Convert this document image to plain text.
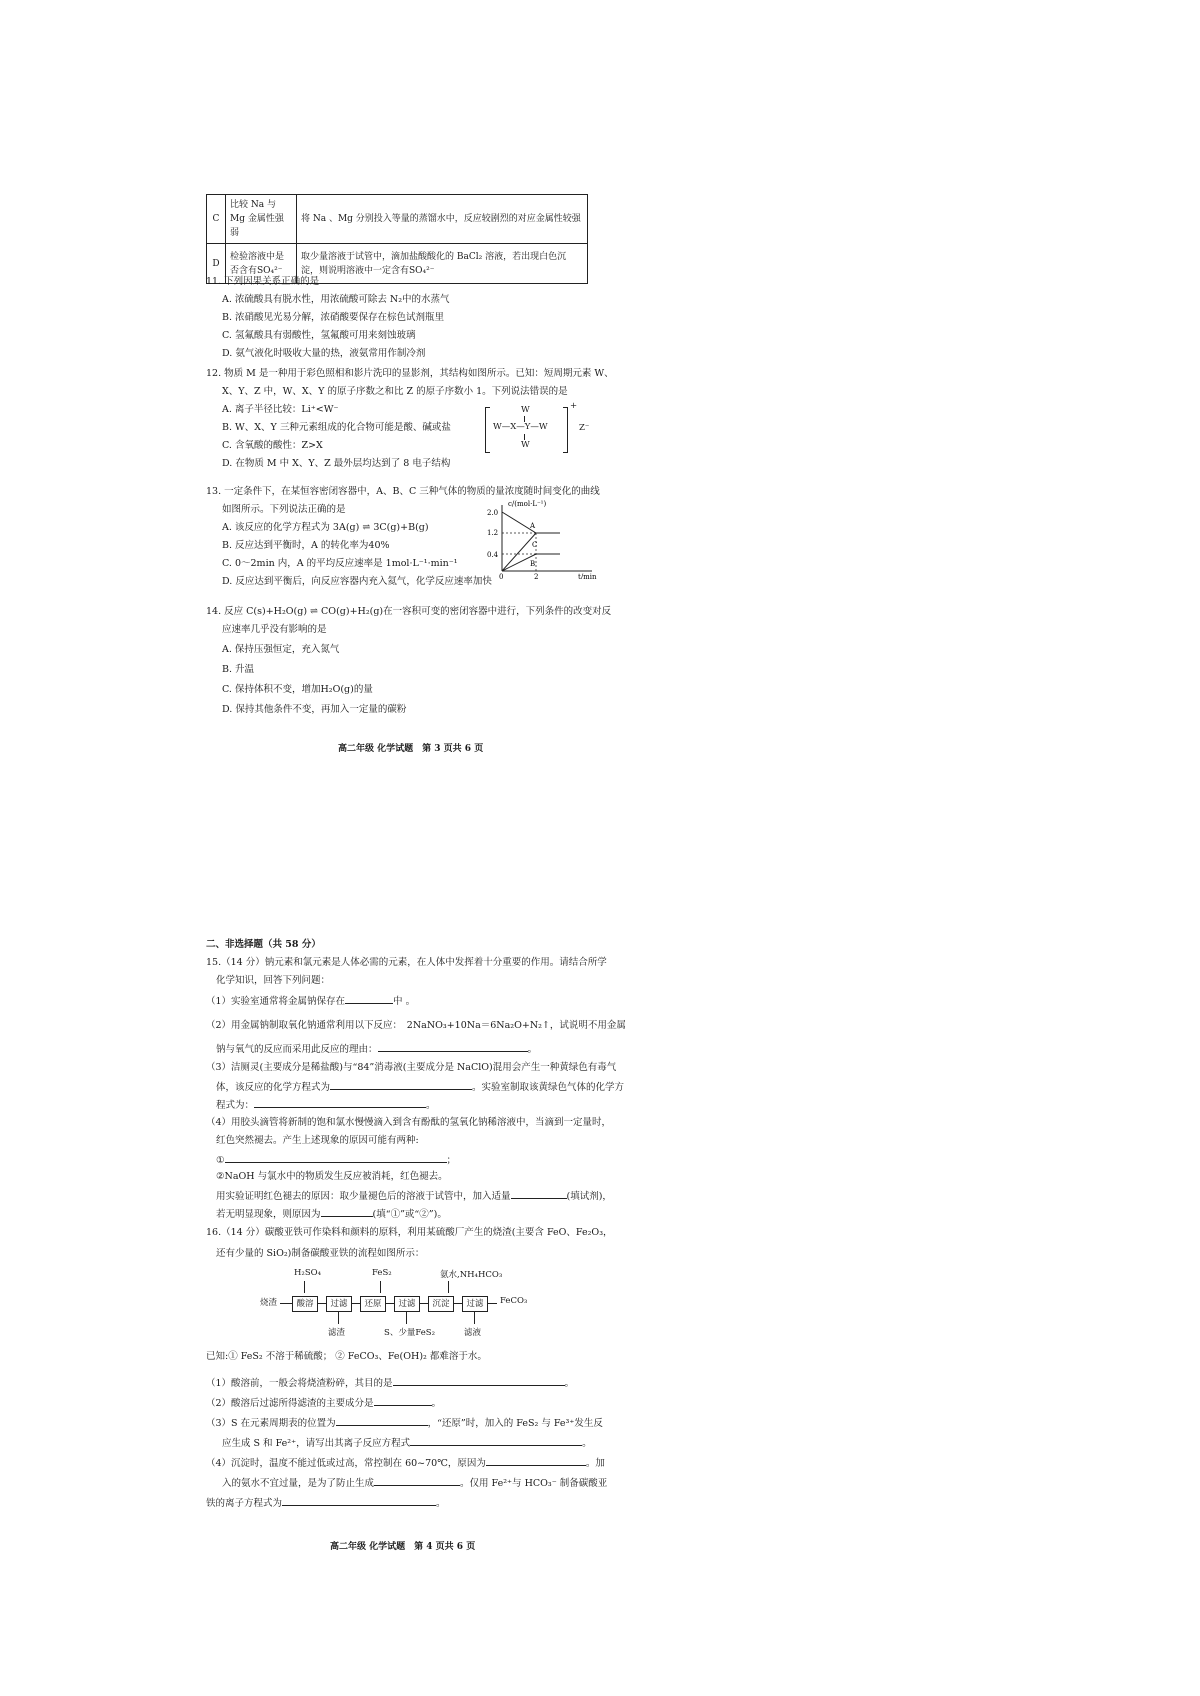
C	比较 Na 与 Mg 金属性强弱	将 Na 、Mg 分别投入等量的蒸馏水中，反应较剧烈的对应金属性较强
D	检验溶液中是否含有SO₄²⁻	取少量溶液于试管中，滴加盐酸酸化的 BaCl₂ 溶液，若出现白色沉淀，则说明溶液中一定含有SO₄²⁻
11. 下列因果关系正确的是
A. 浓硫酸具有脱水性，用浓硫酸可除去 N₂中的水蒸气
B. 浓硝酸见光易分解，浓硝酸要保存在棕色试剂瓶里
C. 氢氟酸具有弱酸性，氢氟酸可用来刻蚀玻璃
D. 氨气液化时吸收大量的热，液氨常用作制冷剂
12. 物质 M 是一种用于彩色照相和影片洗印的显影剂，其结构如图所示。已知：短周期元素 W、
X、Y、Z 中，W、X、Y 的原子序数之和比 Z 的原子序数小 1。下列说法错误的是
A. 离子半径比较：Li⁺<W⁻
B. W、X、Y 三种元素组成的化合物可能是酸、碱或盐
C. 含氧酸的酸性：Z>X
D. 在物质 M 中 X、Y、Z 最外层均达到了 8 电子结构
W
W—X—Y—W
W
+
Z⁻
13. 一定条件下，在某恒容密闭容器中，A、B、C 三种气体的物质的量浓度随时间变化的曲线
如图所示。下列说法正确的是
A. 该反应的化学方程式为 3A(g) ⇌ 3C(g)+B(g)
B. 反应达到平衡时，A 的转化率为40%
C. 0～2min 内，A 的平均反应速率是 1mol·L⁻¹·min⁻¹
D. 反应达到平衡后，向反应容器内充入氦气，化学反应速率加快
c/(mol·L⁻¹)
t/min
2.0
1.2
0.4
0	2
A
C
B
14. 反应 C(s)+H₂O(g) ⇌ CO(g)+H₂(g)在一容积可变的密闭容器中进行，下列条件的改变对反
应速率几乎没有影响的是
A. 保持压强恒定，充入氮气
B. 升温
C. 保持体积不变，增加H₂O(g)的量
D. 保持其他条件不变，再加入一定量的碳粉
高二年级 化学试题　第 3 页共 6 页
二、非选择题（共 58 分）
15.（14 分）钠元素和氯元素是人体必需的元素，在人体中发挥着十分重要的作用。请结合所学
化学知识，回答下列问题：
（1）实验室通常将金属钠保存在	中 。
（2）用金属钠制取氧化钠通常利用以下反应：　2NaNO₃+10Na＝6Na₂O+N₂↑，试说明不用金属
钠与氧气的反应而采用此反应的理由：	。
（3）洁厕灵(主要成分是稀盐酸)与“84”消毒液(主要成分是 NaClO)混用会产生一种黄绿色有毒气
体，该反应的化学方程式为	。实验室制取该黄绿色气体的化学方
程式为：	。
（4）用胶头滴管将新制的饱和氯水慢慢滴入到含有酚酞的氢氧化钠稀溶液中，当滴到一定量时，
红色突然褪去。产生上述现象的原因可能有两种:
①	；
②NaOH 与氯水中的物质发生反应被消耗，红色褪去。
用实验证明红色褪去的原因：取少量褪色后的溶液于试管中，加入适量	(填试剂)，
若无明显现象，则原因为	(填“①”或“②”)。
16.（14 分）碳酸亚铁可作染料和颜料的原料，利用某硫酸厂产生的烧渣(主要含 FeO、Fe₂O₃，
还有少量的 SiO₂)制备碳酸亚铁的流程如图所示：
H₂SO₄	FeS₂	氨水,NH₄HCO₃
烧渣	酸溶	过滤	还原	过滤	沉淀	过滤	FeCO₃
滤渣	S、少量FeS₂	滤液
已知:① FeS₂ 不溶于稀硫酸； ② FeCO₃、Fe(OH)₂ 都难溶于水。
（1）酸溶前，一般会将烧渣粉碎，其目的是	。
（2）酸溶后过滤所得滤渣的主要成分是	。
（3）S 在元素周期表的位置为	，“还原”时，加入的 FeS₂ 与 Fe³⁺发生反
应生成 S 和 Fe²⁺，请写出其离子反应方程式	。
（4）沉淀时，温度不能过低或过高，常控制在 60~70℃，原因为	。加
入的氨水不宜过量，是为了防止生成	。仅用 Fe²⁺与 HCO₃⁻ 制备碳酸亚
铁的离子方程式为	。
高二年级 化学试题　第 4 页共 6 页
